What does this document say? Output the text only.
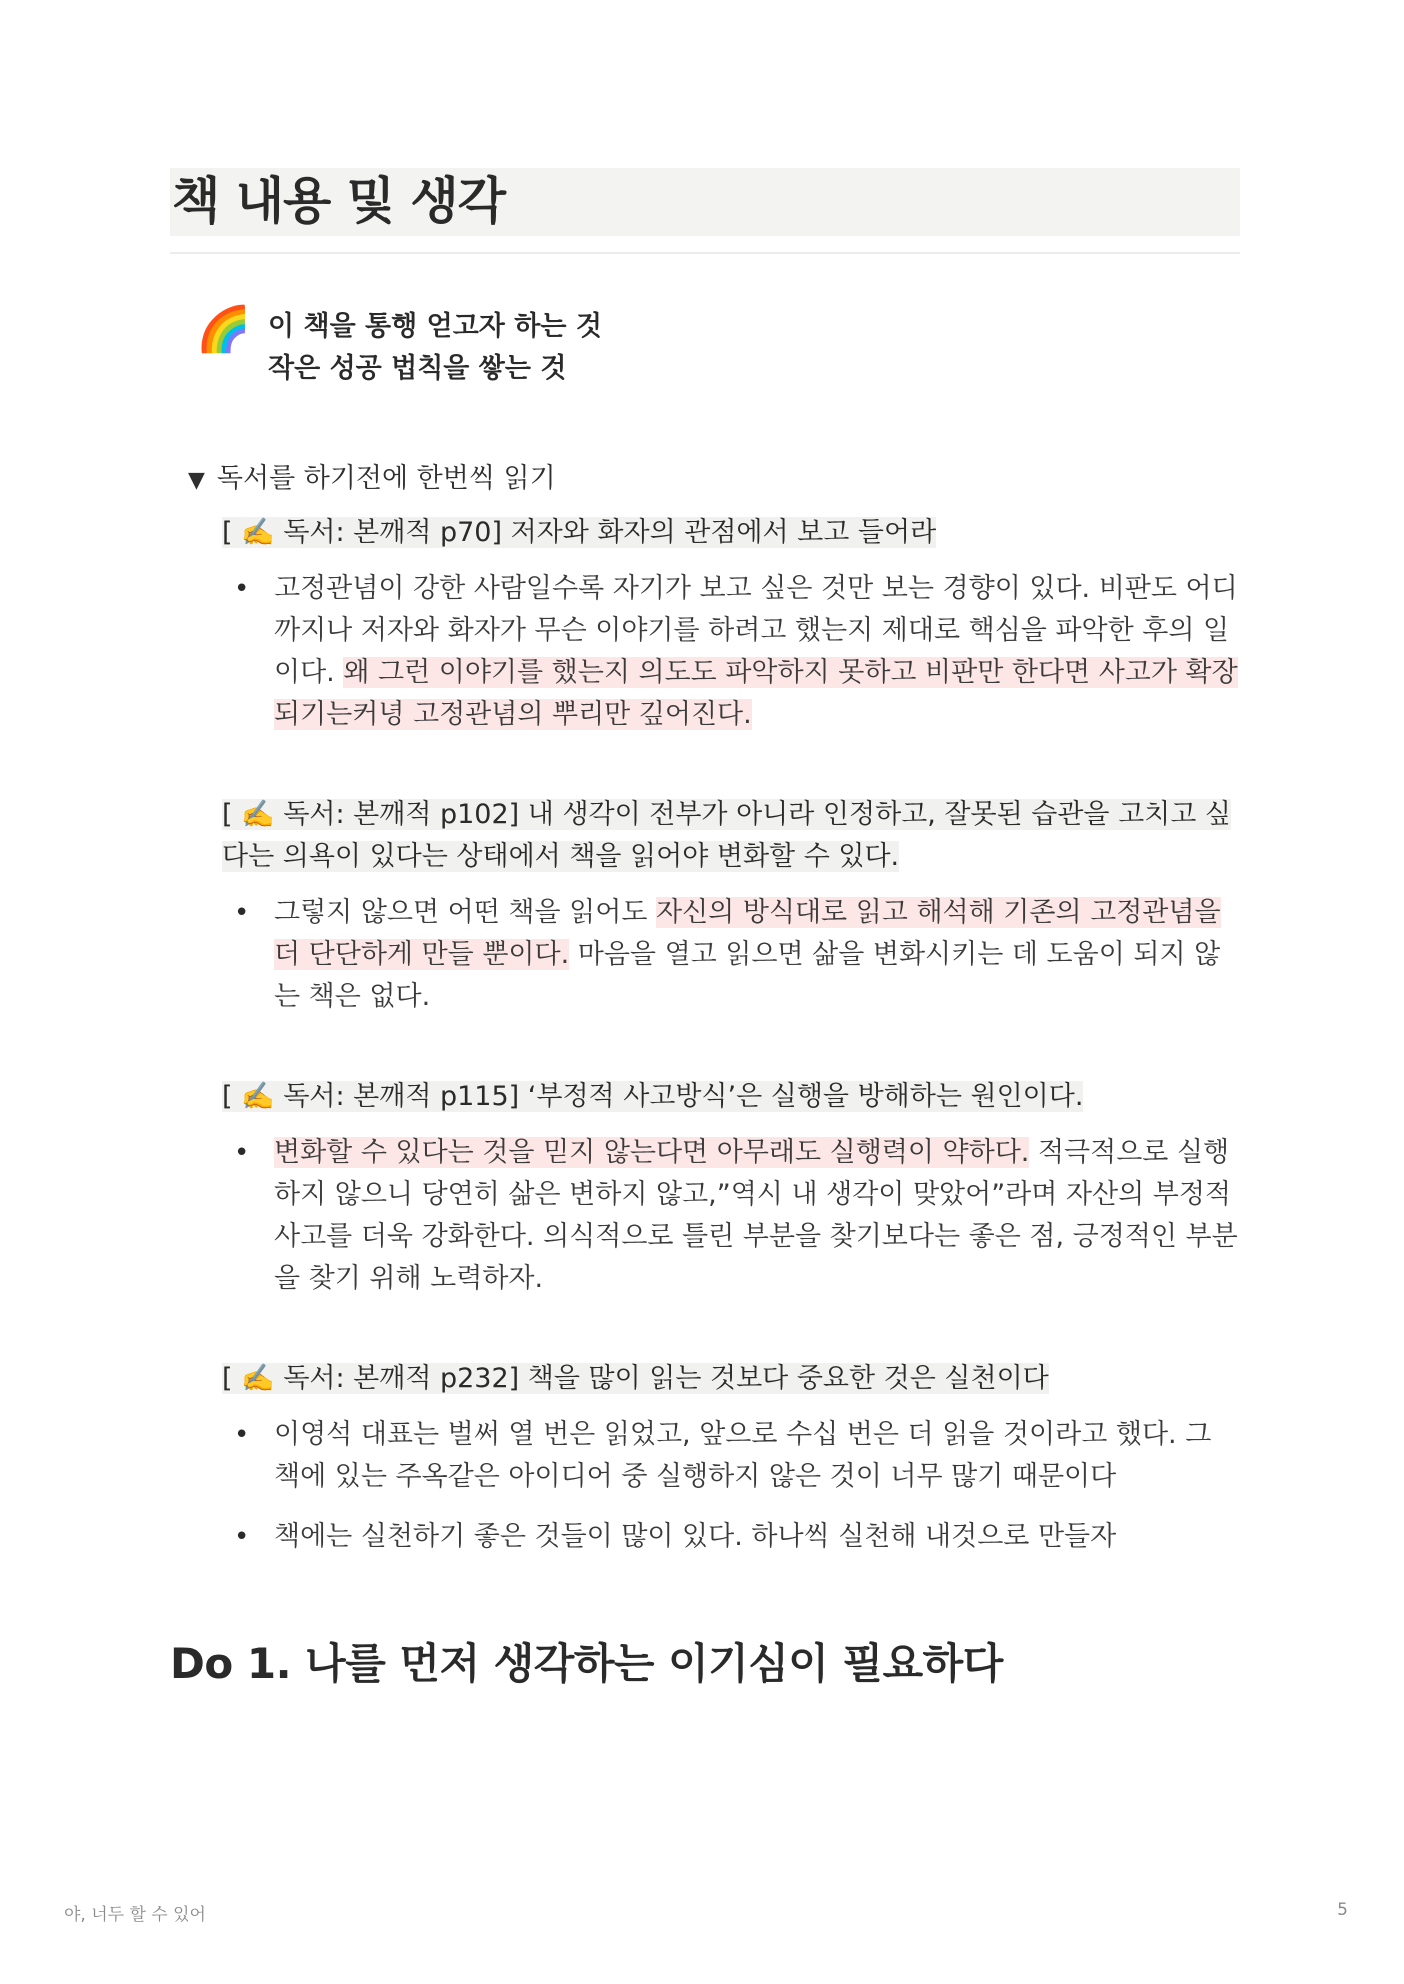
책 내용 및 생각
🌈 이 책을 통행 얻고자 하는 것
작은 성공 법칙을 쌓는 것
▼ 독서를 하기전에 한번씩 읽기
[ ✍️ 독서: 본깨적 p70] 저자와 화자의 관점에서 보고 들어라
• 고정관념이 강한 사람일수록 자기가 보고 싶은 것만 보는 경향이 있다. 비판도 어디까지나 저자와 화자가 무슨 이야기를 하려고 했는지 제대로 핵심을 파악한 후의 일이다. 왜 그런 이야기를 했는지 의도도 파악하지 못하고 비판만 한다면 사고가 확장되기는커녕 고정관념의 뿌리만 깊어진다.
[ ✍️ 독서: 본깨적 p102] 내 생각이 전부가 아니라 인정하고, 잘못된 습관을 고치고 싶다는 의욕이 있다는 상태에서 책을 읽어야 변화할 수 있다.
• 그렇지 않으면 어떤 책을 읽어도 자신의 방식대로 읽고 해석해 기존의 고정관념을 더 단단하게 만들 뿐이다. 마음을 열고 읽으면 삶을 변화시키는 데 도움이 되지 않는 책은 없다.
[ ✍️ 독서: 본깨적 p115] ‘부정적 사고방식’은 실행을 방해하는 원인이다.
• 변화할 수 있다는 것을 믿지 않는다면 아무래도 실행력이 약하다. 적극적으로 실행하지 않으니 당연히 삶은 변하지 않고,”역시 내 생각이 맞았어”라며 자산의 부정적 사고를 더욱 강화한다. 의식적으로 틀린 부분을 찾기보다는 좋은 점, 긍정적인 부분을 찾기 위해 노력하자.
[ ✍️ 독서: 본깨적 p232] 책을 많이 읽는 것보다 중요한 것은 실천이다
• 이영석 대표는 벌써 열 번은 읽었고, 앞으로 수십 번은 더 읽을 것이라고 했다. 그 책에 있는 주옥같은 아이디어 중 실행하지 않은 것이 너무 많기 때문이다
• 책에는 실천하기 좋은 것들이 많이 있다. 하나씩 실천해 내것으로 만들자
Do 1. 나를 먼저 생각하는 이기심이 필요하다
야, 너두 할 수 있어	5
